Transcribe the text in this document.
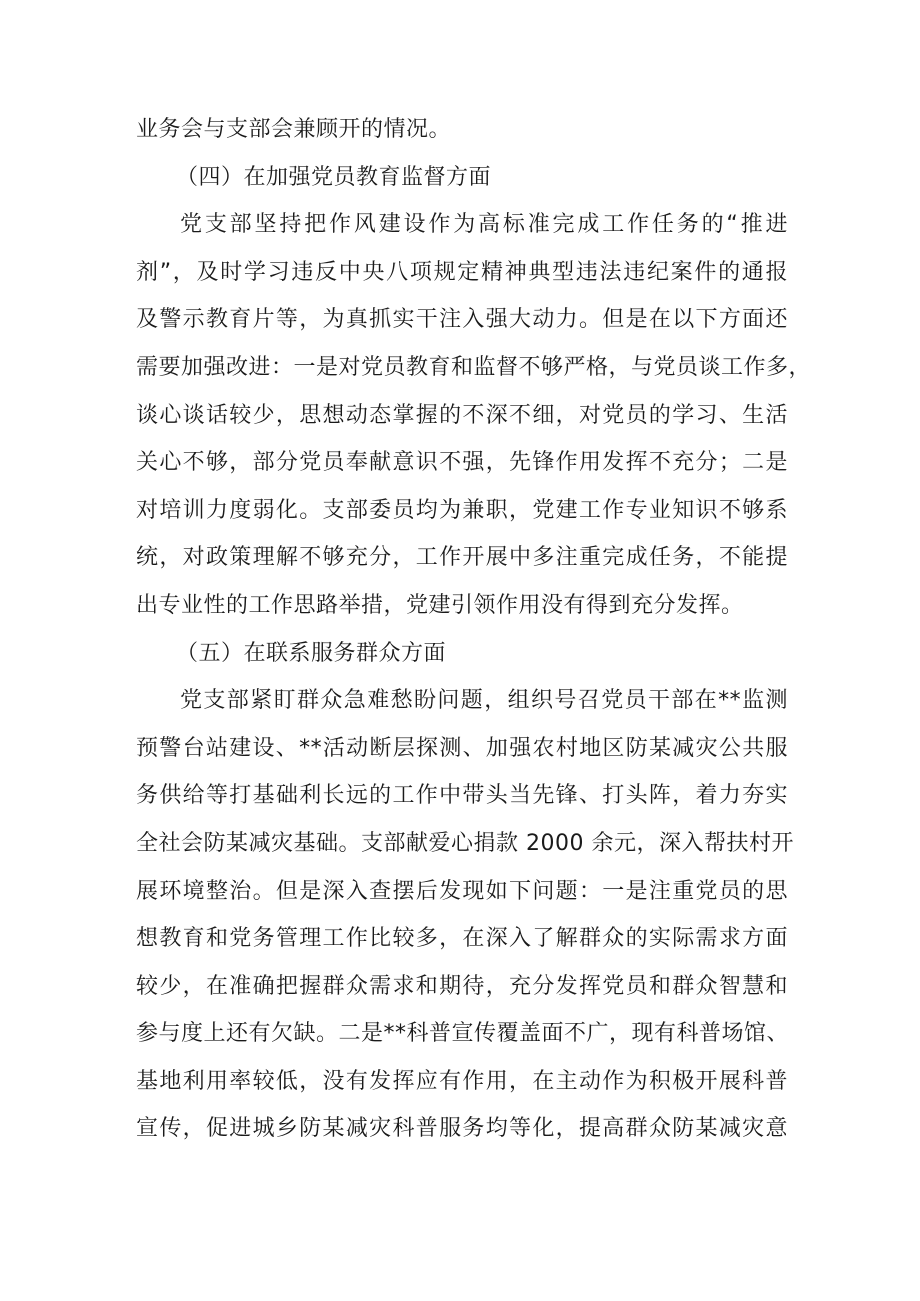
业务会与支部会兼顾开的情况。
（四）在加强党员教育监督方面
党支部坚持把作风建设作为高标准完成工作任务的“推进
剂”，及时学习违反中央八项规定精神典型违法违纪案件的通报
及警示教育片等，为真抓实干注入强大动力。但是在以下方面还
需要加强改进：一是对党员教育和监督不够严格，与党员谈工作多，
谈心谈话较少，思想动态掌握的不深不细，对党员的学习、生活
关心不够，部分党员奉献意识不强，先锋作用发挥不充分；二是
对培训力度弱化。支部委员均为兼职，党建工作专业知识不够系
统，对政策理解不够充分，工作开展中多注重完成任务，不能提
出专业性的工作思路举措，党建引领作用没有得到充分发挥。
（五）在联系服务群众方面
党支部紧盯群众急难愁盼问题，组织号召党员干部在**监测
预警台站建设、**活动断层探测、加强农村地区防某减灾公共服
务供给等打基础利长远的工作中带头当先锋、打头阵，着力夯实
全社会防某减灾基础。支部献爱心捐款 2000 余元，深入帮扶村开
展环境整治。但是深入查摆后发现如下问题：一是注重党员的思
想教育和党务管理工作比较多，在深入了解群众的实际需求方面
较少，在准确把握群众需求和期待，充分发挥党员和群众智慧和
参与度上还有欠缺。二是**科普宣传覆盖面不广，现有科普场馆、
基地利用率较低，没有发挥应有作用，在主动作为积极开展科普
宣传，促进城乡防某减灾科普服务均等化，提高群众防某减灾意
